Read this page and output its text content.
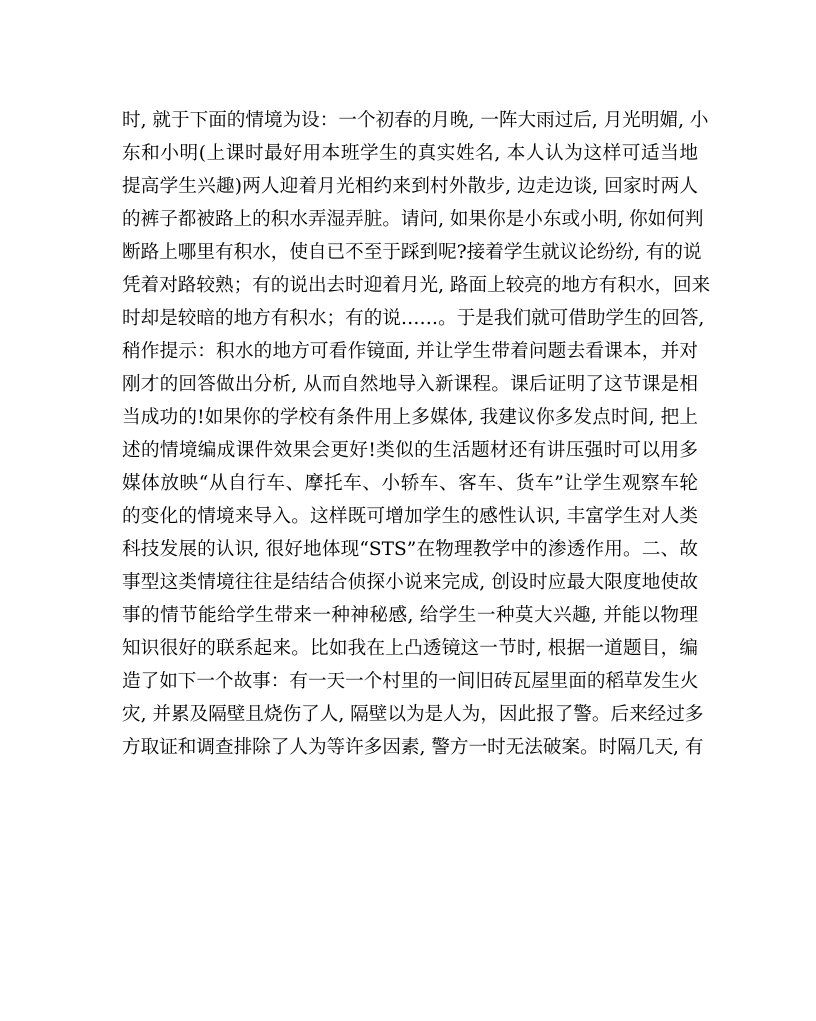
时, 就于下面的情境为设：一个初春的月晚, 一阵大雨过后, 月光明媚, 小
东和小明(上课时最好用本班学生的真实姓名, 本人认为这样可适当地
提高学生兴趣)两人迎着月光相约来到村外散步, 边走边谈, 回家时两人
的裤子都被路上的积水弄湿弄脏。请问, 如果你是小东或小明, 你如何判
断路上哪里有积水，使自已不至于踩到呢?接着学生就议论纷纷, 有的说
凭着对路较熟；有的说出去时迎着月光, 路面上较亮的地方有积水，回来
时却是较暗的地方有积水；有的说……。于是我们就可借助学生的回答,
稍作提示：积水的地方可看作镜面, 并让学生带着问题去看课本，并对
刚才的回答做出分析, 从而自然地导入新课程。课后证明了这节课是相
当成功的!如果你的学校有条件用上多媒体, 我建议你多发点时间, 把上
述的情境编成课件效果会更好!类似的生活题材还有讲压强时可以用多
媒体放映“从自行车、摩托车、小轿车、客车、货车”让学生观察车轮
的变化的情境来导入。这样既可增加学生的感性认识, 丰富学生对人类
科技发展的认识, 很好地体现“STS”在物理教学中的渗透作用。二、故
事型这类情境往往是结结合侦探小说来完成, 创设时应最大限度地使故
事的情节能给学生带来一种神秘感, 给学生一种莫大兴趣, 并能以物理
知识很好的联系起来。比如我在上凸透镜这一节时, 根据一道题目，编
造了如下一个故事：有一天一个村里的一间旧砖瓦屋里面的稻草发生火
灾, 并累及隔壁且烧伤了人, 隔壁以为是人为，因此报了警。后来经过多
方取证和调查排除了人为等许多因素, 警方一时无法破案。时隔几天, 有
